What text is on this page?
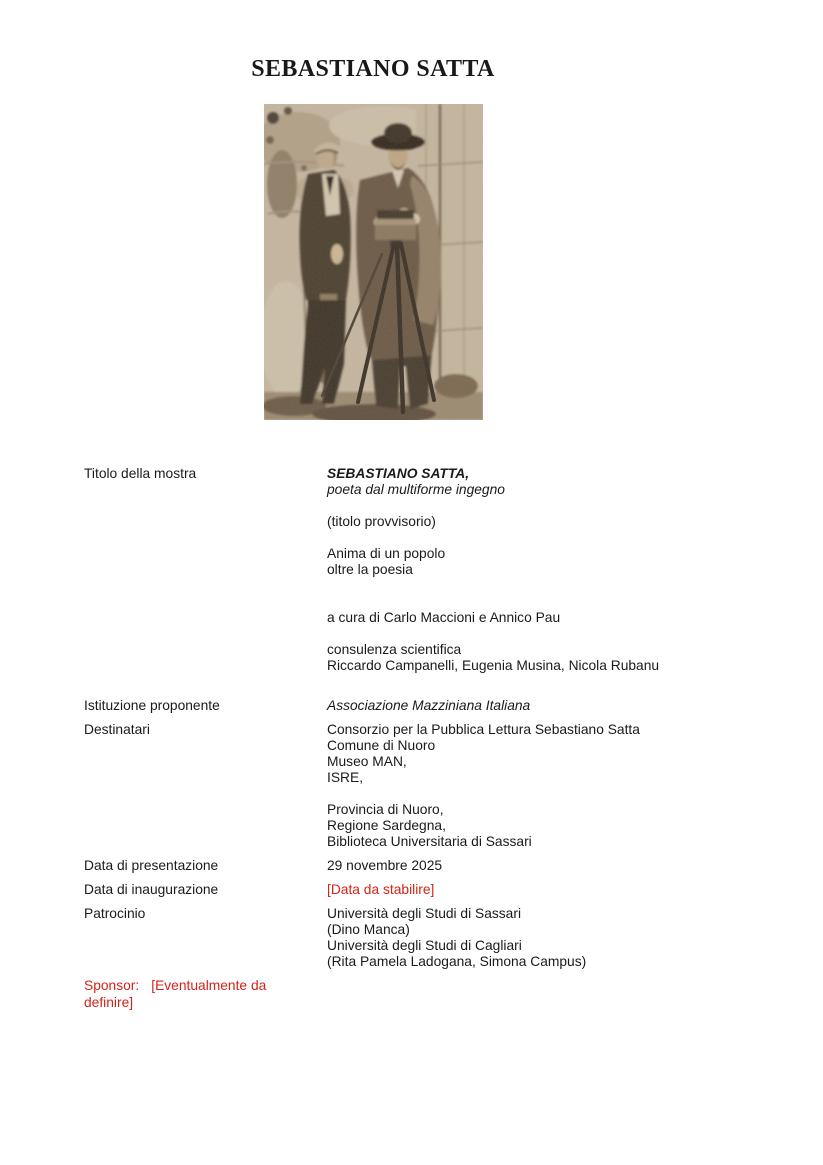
SEBASTIANO SATTA
Titolo della mostra	SEBASTIANO SATTA,
poeta dal multiforme ingegno

(titolo provvisorio)

Anima di un popolo
oltre la poesia

a cura di Carlo Maccioni e Annico Pau

consulenza scientifica
Riccardo Campanelli, Eugenia Musina, Nicola Rubanu

Istituzione proponente	Associazione Mazziniana Italiana
Destinatari	Consorzio per la Pubblica Lettura Sebastiano Satta
Comune di Nuoro
Museo MAN,
ISRE,

Provincia di Nuoro,
Regione Sardegna,
Biblioteca Universitaria di Sassari
Data di presentazione	29 novembre 2025
Data di inaugurazione	[Data da stabilire]
Patrocinio	Università degli Studi di Sassari
(Dino Manca)
Università degli Studi di Cagliari
(Rita Pamela Ladogana, Simona Campus)
Sponsor: [Eventualmente da definire]
